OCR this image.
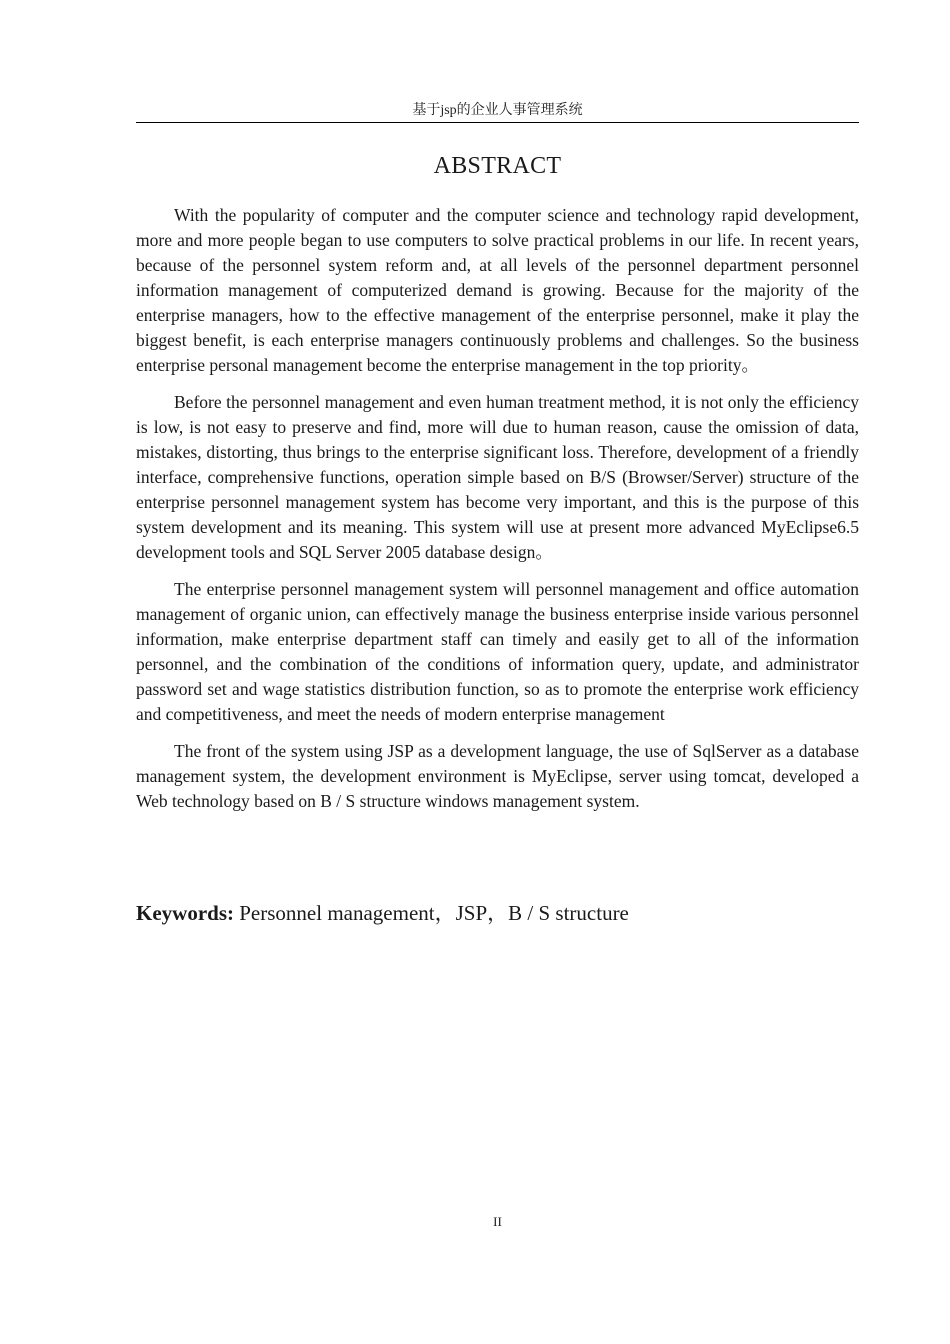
基于jsp的企业人事管理系统
ABSTRACT

With the popularity of computer and the computer science and technology rapid development, more and more people began to use computers to solve practical problems in our life. In recent years, because of the personnel system reform and, at all levels of the personnel department personnel information management of computerized demand is growing. Because for the majority of the enterprise managers, how to the effective management of the enterprise personnel, make it play the biggest benefit, is each enterprise managers continuously problems and challenges. So the business enterprise personal management become the enterprise management in the top priority。

Before the personnel management and even human treatment method, it is not only the efficiency is low, is not easy to preserve and find, more will due to human reason, cause the omission of data, mistakes, distorting, thus brings to the enterprise significant loss. Therefore, development of a friendly interface, comprehensive functions, operation simple based on B/S (Browser/Server) structure of the enterprise personnel management system has become very important, and this is the purpose of this system development and its meaning. This system will use at present more advanced MyEclipse6.5 development tools and SQL Server 2005 database design。

The enterprise personnel management system will personnel management and office automation management of organic union, can effectively manage the business enterprise inside various personnel information, make enterprise department staff can timely and easily get to all of the information personnel, and the combination of the conditions of information query, update, and administrator password set and wage statistics distribution function, so as to promote the enterprise work efficiency and competitiveness, and meet the needs of modern enterprise management

The front of the system using JSP as a development language, the use of SqlServer as a database management system, the development environment is MyEclipse, server using tomcat, developed a Web technology based on B / S structure windows management system.

Keywords: Personnel management，JSP，B / S structure
II
